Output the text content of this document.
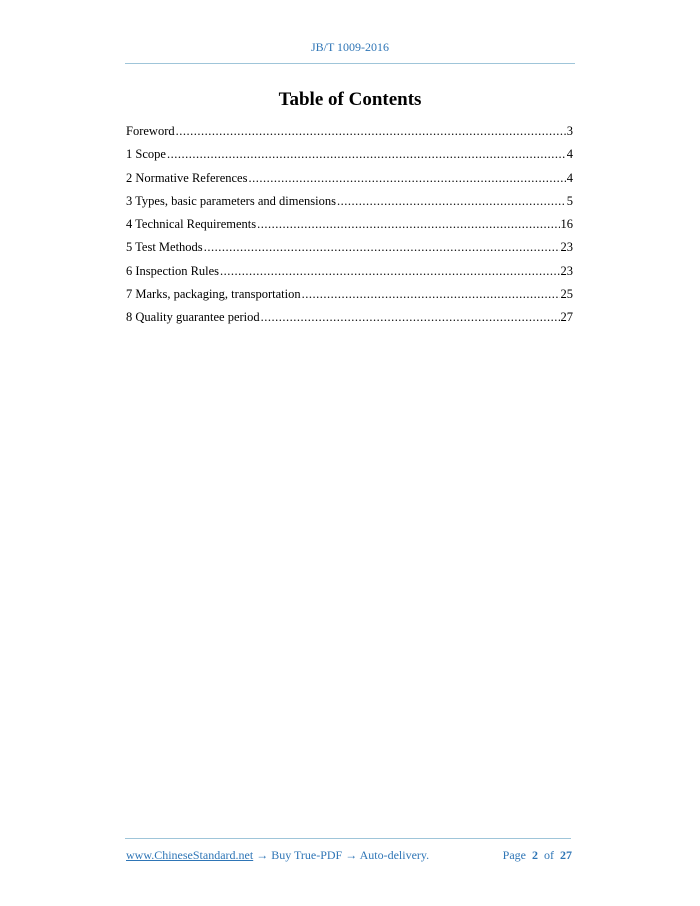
JB/T 1009-2016
Table of Contents
Foreword .....	3
1 Scope .....	4
2 Normative References .....	4
3 Types, basic parameters and dimensions .....	5
4 Technical Requirements .....	16
5 Test Methods .....	23
6 Inspection Rules .....	23
7 Marks, packaging, transportation .....	25
8 Quality guarantee period .....	27
www.ChineseStandard.net → Buy True-PDF → Auto-delivery.	Page 2 of 27
